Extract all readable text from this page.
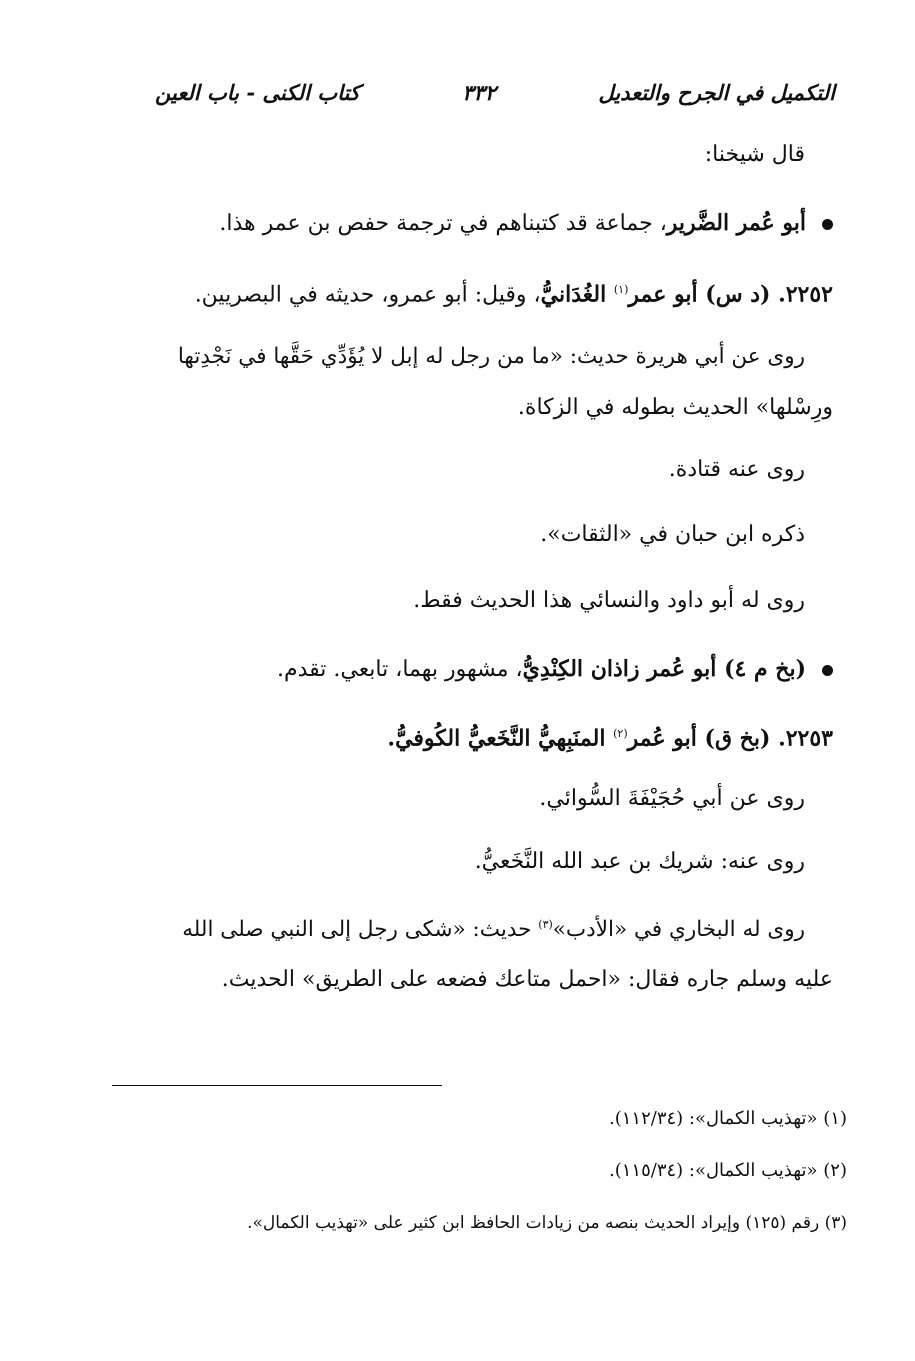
التكميل في الجرح والتعديل
٣٣٢
كتاب الكنى - باب العين
قال شيخنا:
أبو عُمر الضَّرير، جماعة قد كتبناهم في ترجمة حفص بن عمر هذا.
٢٢٥٢. (د س) أبو عمر$^{(١)}$ الغُدَانيُّ، وقيل: أبو عمرو، حديثه في البصريين.
روى عن أبي هريرة حديث: «ما من رجل له إبل لا يُؤَدِّي حَقَّها في نَجْدِتها
ورِسْلها» الحديث بطوله في الزكاة.
روى عنه قتادة.
ذكره ابن حبان في «الثقات».
روى له أبو داود والنسائي هذا الحديث فقط.
(بخ م ٤) أبو عُمر زاذان الكِنْدِيُّ، مشهور بهما، تابعي. تقدم.
٢٢٥٣. (بخ ق) أبو عُمر$^{(٢)}$ المنَبِهيُّ النَّخَعيُّ الكُوفيُّ.
روى عن أبي حُجَيْفَةَ السُّوائي.
روى عنه: شريك بن عبد الله النَّخَعيُّ.
روى له البخاري في «الأدب»$^{(٣)}$ حديث: «شكى رجل إلى النبي صلى الله
عليه وسلم جاره فقال: «احمل متاعك فضعه على الطريق» الحديث.
(١) «تهذيب الكمال»: (١١٢/٣٤).
(٢) «تهذيب الكمال»: (١١٥/٣٤).
(٣) رقم (١٢٥) وإيراد الحديث بنصه من زيادات الحافظ ابن كثير على «تهذيب الكمال».
